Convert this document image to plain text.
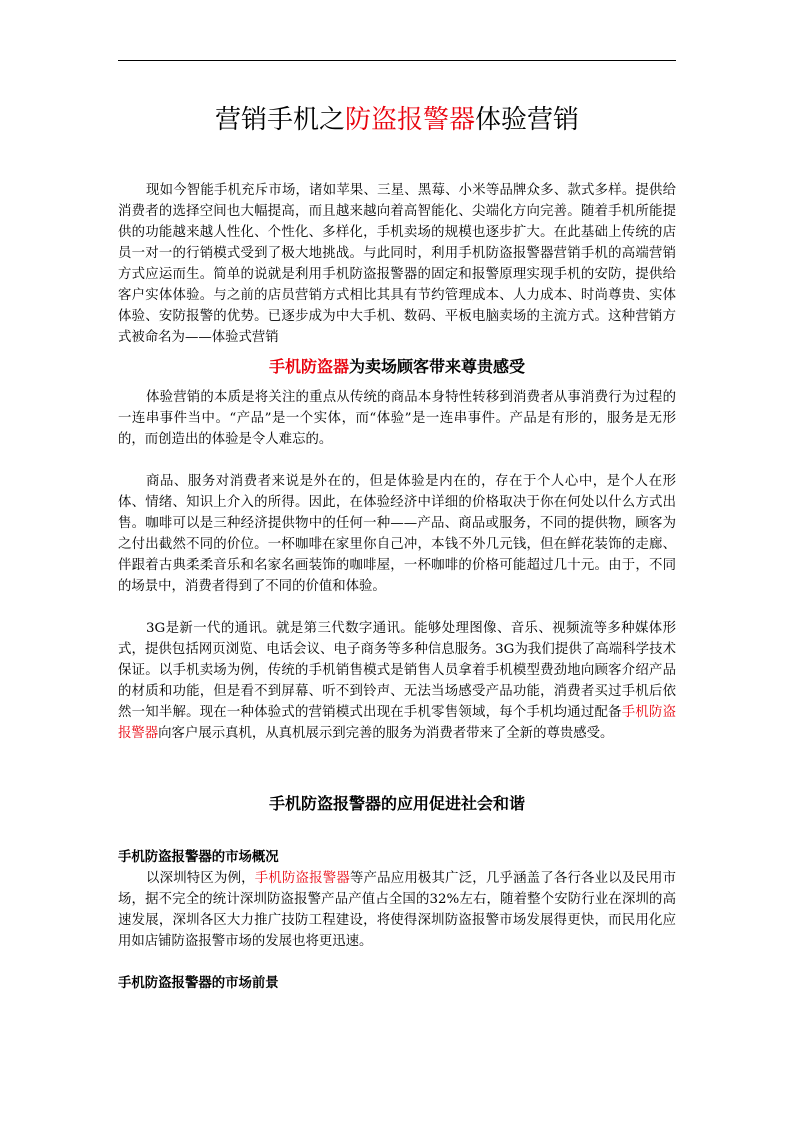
营销手机之防盗报警器体验营销

现如今智能手机充斥市场，诸如苹果、三星、黑莓、小米等品牌众多、款式多样。提供给消费者的选择空间也大幅提高，而且越来越向着高智能化、尖端化方向完善。随着手机所能提供的功能越来越人性化、个性化、多样化，手机卖场的规模也逐步扩大。在此基础上传统的店员一对一的行销模式受到了极大地挑战。与此同时，利用手机防盗报警器营销手机的高端营销方式应运而生。简单的说就是利用手机防盗报警器的固定和报警原理实现手机的安防，提供给客户实体体验。与之前的店员营销方式相比其具有节约管理成本、人力成本、时尚尊贵、实体体验、安防报警的优势。已逐步成为中大手机、数码、平板电脑卖场的主流方式。这种营销方式被命名为——体验式营销

手机防盗器为卖场顾客带来尊贵感受

体验营销的本质是将关注的重点从传统的商品本身特性转移到消费者从事消费行为过程的一连串事件当中。“产品”是一个实体，而“体验”是一连串事件。产品是有形的，服务是无形的，而创造出的体验是令人难忘的。

商品、服务对消费者来说是外在的，但是体验是内在的，存在于个人心中，是个人在形体、情绪、知识上介入的所得。因此，在体验经济中详细的价格取决于你在何处以什么方式出售。咖啡可以是三种经济提供物中的任何一种——产品、商品或服务，不同的提供物，顾客为之付出截然不同的价位。一杯咖啡在家里你自己冲，本钱不外几元钱，但在鲜花装饰的走廊、伴跟着古典柔柔音乐和名家名画装饰的咖啡屋，一杯咖啡的价格可能超过几十元。由于，不同的场景中，消费者得到了不同的价值和体验。

3G是新一代的通讯。就是第三代数字通讯。能够处理图像、音乐、视频流等多种媒体形式，提供包括网页浏览、电话会议、电子商务等多种信息服务。3G为我们提供了高端科学技术保证。以手机卖场为例，传统的手机销售模式是销售人员拿着手机模型费劲地向顾客介绍产品的材质和功能，但是看不到屏幕、听不到铃声、无法当场感受产品功能，消费者买过手机后依然一知半解。现在一种体验式的营销模式出现在手机零售领域，每个手机均通过配备手机防盗报警器向客户展示真机，从真机展示到完善的服务为消费者带来了全新的尊贵感受。

手机防盗报警器的应用促进社会和谐
手机防盗报警器的市场概况

以深圳特区为例，手机防盗报警器等产品应用极其广泛，几乎涵盖了各行各业以及民用市场，据不完全的统计深圳防盗报警产品产值占全国的32%左右，随着整个安防行业在深圳的高速发展，深圳各区大力推广技防工程建设，将使得深圳防盗报警市场发展得更快，而民用化应用如店铺防盗报警市场的发展也将更迅速。

手机防盗报警器的市场前景
